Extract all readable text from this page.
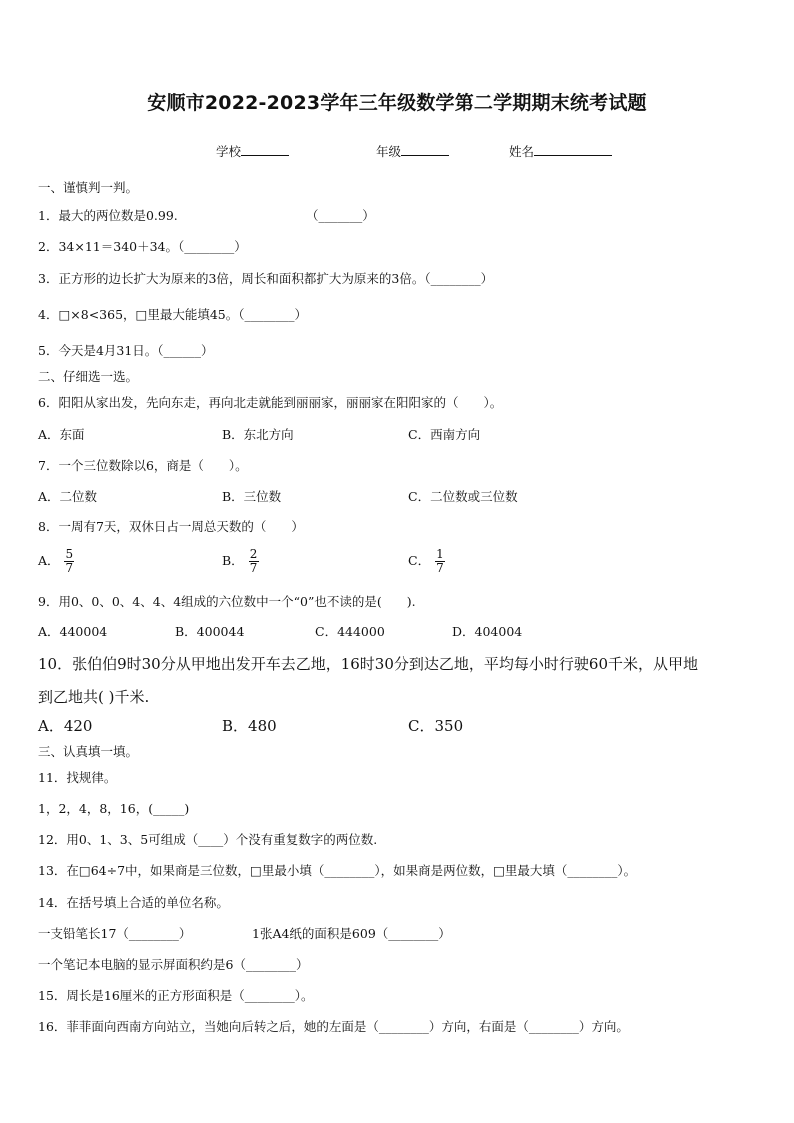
安顺市2022-2023学年三年级数学第二学期期末统考试题
学校	年级	姓名
一、谨慎判一判。
1．最大的两位数是0.99.	（_______）
2．34×11＝340＋34。（________）
3．正方形的边长扩大为原来的3倍，周长和面积都扩大为原来的3倍。（________）
4．□×8<365，□里最大能填45。（________）
5．今天是4月31日。（______）
二、仔细选一选。
6．阳阳从家出发，先向东走，再向北走就能到丽丽家，丽丽家在阳阳家的（　　）。
A．东面	B．东北方向	C．西南方向
7．一个三位数除以6，商是（　　）。
A．二位数	B．三位数	C．二位数或三位数
8．一周有7天，双休日占一周总天数的（　　）
A． $\frac{5}{7}$	B． $\frac{2}{7}$	C． $\frac{1}{7}$
9．用0、0、0、4、4、4组成的六位数中一个“0”也不读的是(　　).
A．440004	B．400044	C．444000	D．404004
10．张伯伯9时30分从甲地出发开车去乙地，16时30分到达乙地，平均每小时行驶60千米，从甲地
到乙地共( )千米.
A．420	B．480	C．350
三、认真填一填。
11．找规律。
1，2，4，8，16，(_____)
12．用0、1、3、5可组成（____）个没有重复数字的两位数.
13．在□64÷7中，如果商是三位数，□里最小填（________），如果商是两位数，□里最大填（________）。
14．在括号填上合适的单位名称。
一支铅笔长17（________）	1张A4纸的面积是609（________）
一个笔记本电脑的显示屏面积约是6（________）
15．周长是16厘米的正方形面积是（________）。
16．菲菲面向西南方向站立，当她向后转之后，她的左面是（________）方向，右面是（________）方向。
